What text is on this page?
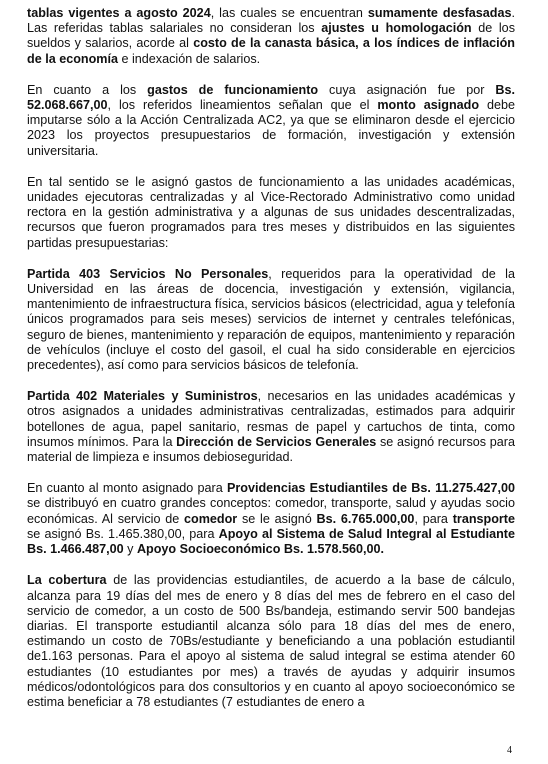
tablas vigentes a agosto 2024, las cuales se encuentran sumamente desfasadas. Las referidas tablas salariales no consideran los ajustes u homologación de los sueldos y salarios, acorde al costo de la canasta básica, a los índices de inflación de la economía e indexación de salarios.

En cuanto a los gastos de funcionamiento cuya asignación fue por Bs. 52.068.667,00, los referidos lineamientos señalan que el monto asignado debe imputarse sólo a la Acción Centralizada AC2, ya que se eliminaron desde el ejercicio 2023 los proyectos presupuestarios de formación, investigación y extensión universitaria.

En tal sentido se le asignó gastos de funcionamiento a las unidades académicas, unidades ejecutoras centralizadas y al Vice-Rectorado Administrativo como unidad rectora en la gestión administrativa y a algunas de sus unidades descentralizadas, recursos que fueron programados para tres meses y distribuidos en las siguientes partidas presupuestarias:

Partida 403 Servicios No Personales, requeridos para la operatividad de la Universidad en las áreas de docencia, investigación y extensión, vigilancia, mantenimiento de infraestructura física, servicios básicos (electricidad, agua y telefonía únicos programados para seis meses) servicios de internet y centrales telefónicas, seguro de bienes, mantenimiento y reparación de equipos, mantenimiento y reparación de vehículos (incluye el costo del gasoil, el cual ha sido considerable en ejercicios precedentes), así como para servicios básicos de telefonía.

Partida 402 Materiales y Suministros, necesarios en las unidades académicas y otros asignados a unidades administrativas centralizadas, estimados para adquirir botellones de agua, papel sanitario, resmas de papel y cartuchos de tinta, como insumos mínimos. Para la Dirección de Servicios Generales se asignó recursos para material de limpieza e insumos debioseguridad.

En cuanto al monto asignado para Providencias Estudiantiles de Bs. 11.275.427,00 se distribuyó en cuatro grandes conceptos: comedor, transporte, salud y ayudas socio económicas. Al servicio de comedor se le asignó Bs. 6.765.000,00, para transporte se asignó Bs. 1.465.380,00, para Apoyo al Sistema de Salud Integral al Estudiante Bs. 1.466.487,00 y Apoyo Socioeconómico Bs. 1.578.560,00.

La cobertura de las providencias estudiantiles, de acuerdo a la base de cálculo, alcanza para 19 días del mes de enero y 8 días del mes de febrero en el caso del servicio de comedor, a un costo de 500 Bs/bandeja, estimando servir 500 bandejas diarias. El transporte estudiantil alcanza sólo para 18 días del mes de enero, estimando un costo de 70Bs/estudiante y beneficiando a una población estudiantil de1.163 personas. Para el apoyo al sistema de salud integral se estima atender 60 estudiantes (10 estudiantes por mes) a través de ayudas y adquirir insumos médicos/odontológicos para dos consultorios y en cuanto al apoyo socioeconómico se estima beneficiar a 78 estudiantes (7 estudiantes de enero a

4
